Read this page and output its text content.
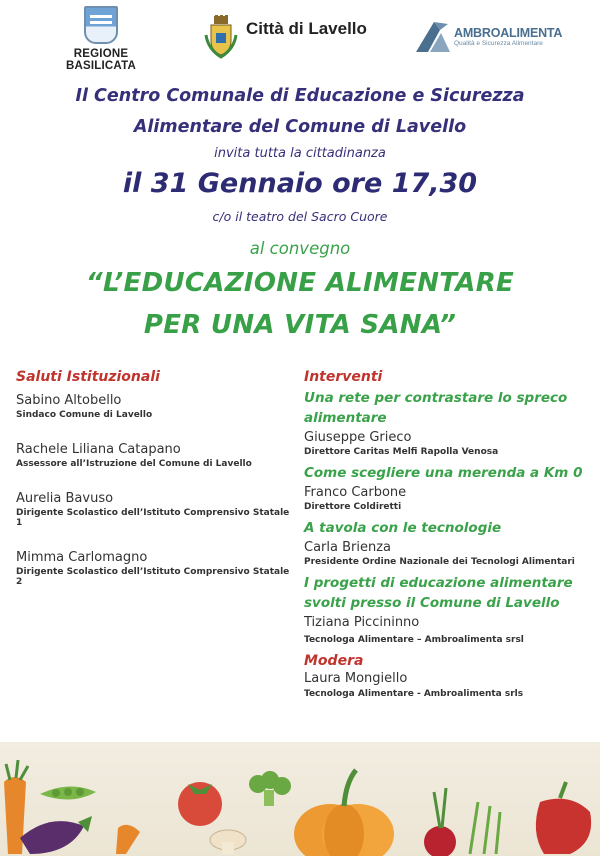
REGIONE BASILICATA
Città di Lavello	AMBROALIMENTA
Qualità e Sicurezza Alimentare
Il Centro Comunale di Educazione e Sicurezza
Alimentare del Comune di Lavello
invita tutta la cittadinanza
il 31 Gennaio ore 17,30
c/o il teatro del Sacro Cuore
al convegno
“L’EDUCAZIONE ALIMENTARE
PER UNA VITA SANA”
Saluti Istituzionali
Sabino Altobello
Sindaco Comune di Lavello
Rachele Liliana Catapano
Assessore all’Istruzione del Comune di Lavello
Aurelia Bavuso
Dirigente Scolastico dell’Istituto Comprensivo Statale 1
Mimma Carlomagno
Dirigente Scolastico dell’Istituto Comprensivo Statale 2
Interventi
Una rete per contrastare lo spreco
alimentare
Giuseppe Grieco
Direttore Caritas Melfi Rapolla Venosa
Come scegliere una merenda a Km 0
Franco Carbone
Direttore Coldiretti
A tavola con le tecnologie
Carla Brienza
Presidente Ordine Nazionale dei Tecnologi Alimentari
I progetti di educazione alimentare
svolti presso il Comune di Lavello
Tiziana Piccininno
Tecnologa Alimentare – Ambroalimenta srsl
Modera
Laura Mongiello
Tecnologa Alimentare - Ambroalimenta srls
